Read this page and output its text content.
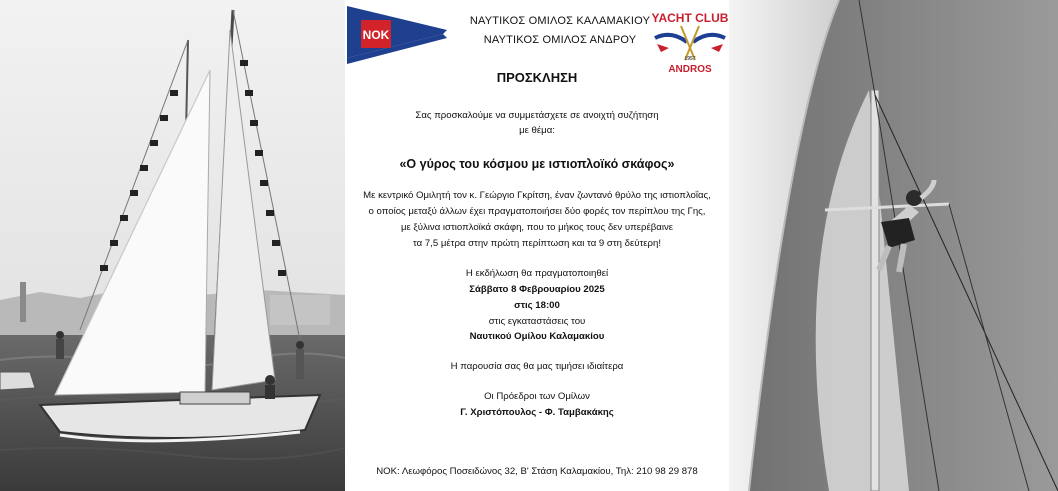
NOK
ΝΑΥΤΙΚΟΣ ΟΜΙΛΟΣ ΚΑΛΑΜΑΚΙΟΥ
ΝΑΥΤΙΚΟΣ ΟΜΙΛΟΣ ΑΝΔΡΟΥ
YACHT CLUB
1957
ANDROS
ΠΡΟΣΚΛΗΣΗ
Σας προσκαλούμε να συμμετάσχετε σε ανοιχτή συζήτηση
με θέμα:
«Ο γύρος του κόσμου με ιστιοπλοϊκό σκάφος»
Με κεντρικό Ομιλητή τον κ. Γεώργιο Γκρίτση, έναν ζωντανό θρύλο της ιστιοπλοΐας,
ο οποίος μεταξύ άλλων έχει πραγματοποιήσει δύο φορές τον περίπλου της Γης,
με ξύλινα ιστιοπλοϊκά σκάφη, που το μήκος τους δεν υπερέβαινε
τα 7,5 μέτρα στην πρώτη περίπτωση και τα 9 στη δεύτερη!
Η εκδήλωση θα πραγματοποιηθεί
Σάββατο 8 Φεβρουαρίου 2025
στις 18:00
στις εγκαταστάσεις του
Ναυτικού Ομίλου Καλαμακίου
Η παρουσία σας θα μας τιμήσει ιδιαίτερα
Οι Πρόεδροι των Ομίλων
Γ. Χριστόπουλος - Φ. Ταμβακάκης
ΝΟΚ: Λεωφόρος Ποσειδώνος 32, Β' Στάση Καλαμακίου, Τηλ: 210 98 29 878
